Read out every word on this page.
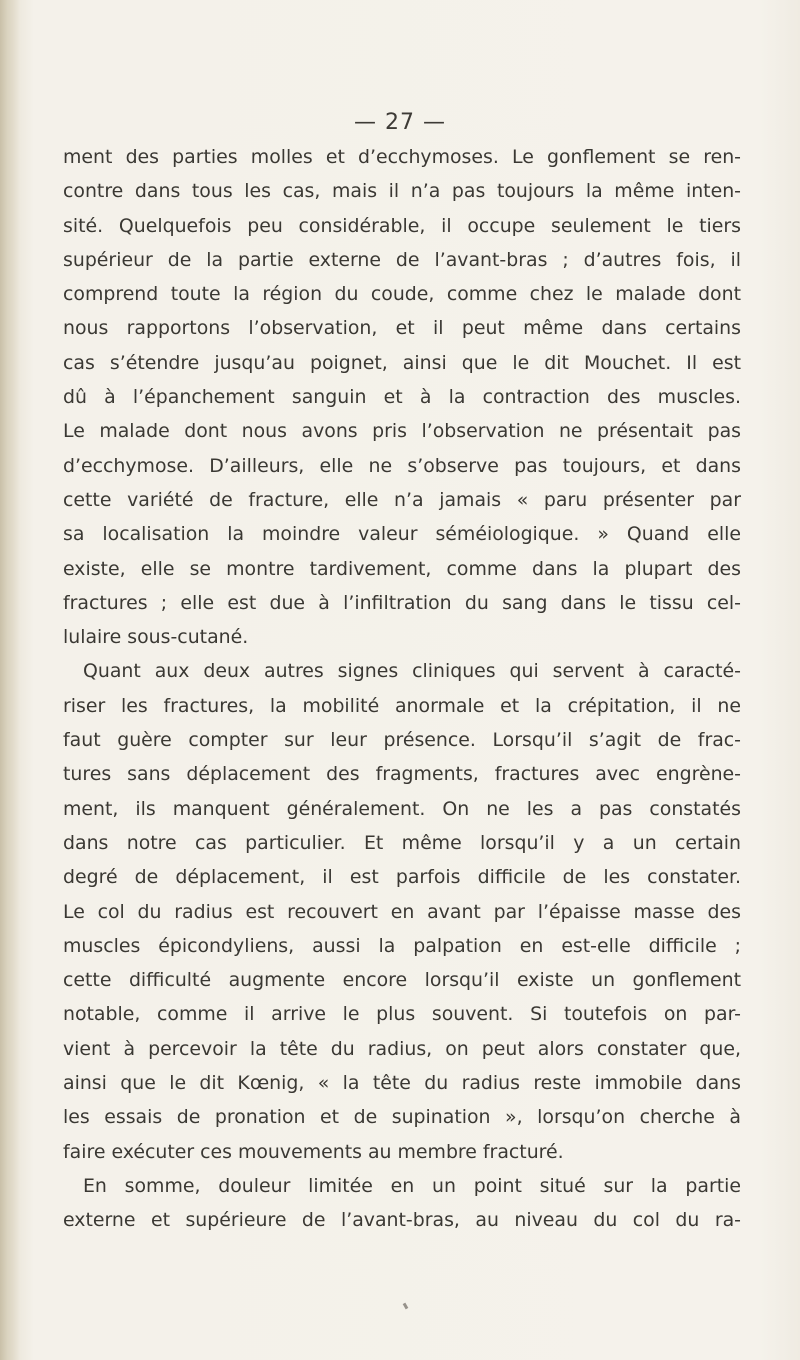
— 27 —
ment des parties molles et d’ecchymoses. Le gonflement se ren-
contre dans tous les cas, mais il n’a pas toujours la même inten-
sité. Quelquefois peu considérable, il occupe seulement le tiers
supérieur de la partie externe de l’avant-bras ; d’autres fois, il
comprend toute la région du coude, comme chez le malade dont
nous rapportons l’observation, et il peut même dans certains
cas s’étendre jusqu’au poignet, ainsi que le dit Mouchet. Il est
dû à l’épanchement sanguin et à la contraction des muscles.
Le malade dont nous avons pris l’observation ne présentait pas
d’ecchymose. D’ailleurs, elle ne s’observe pas toujours, et dans
cette variété de fracture, elle n’a jamais « paru présenter par
sa localisation la moindre valeur séméiologique. » Quand elle
existe, elle se montre tardivement, comme dans la plupart des
fractures ; elle est due à l’infiltration du sang dans le tissu cel-
lulaire sous-cutané.
Quant aux deux autres signes cliniques qui servent à caracté-
riser les fractures, la mobilité anormale et la crépitation, il ne
faut guère compter sur leur présence. Lorsqu’il s’agit de frac-
tures sans déplacement des fragments, fractures avec engrène-
ment, ils manquent généralement. On ne les a pas constatés
dans notre cas particulier. Et même lorsqu’il y a un certain
degré de déplacement, il est parfois difficile de les constater.
Le col du radius est recouvert en avant par l’épaisse masse des
muscles épicondyliens, aussi la palpation en est-elle difficile ;
cette difficulté augmente encore lorsqu’il existe un gonflement
notable, comme il arrive le plus souvent. Si toutefois on par-
vient à percevoir la tête du radius, on peut alors constater que,
ainsi que le dit Kœnig, « la tête du radius reste immobile dans
les essais de pronation et de supination », lorsqu’on cherche à
faire exécuter ces mouvements au membre fracturé.
En somme, douleur limitée en un point situé sur la partie
externe et supérieure de l’avant-bras, au niveau du col du ra-
